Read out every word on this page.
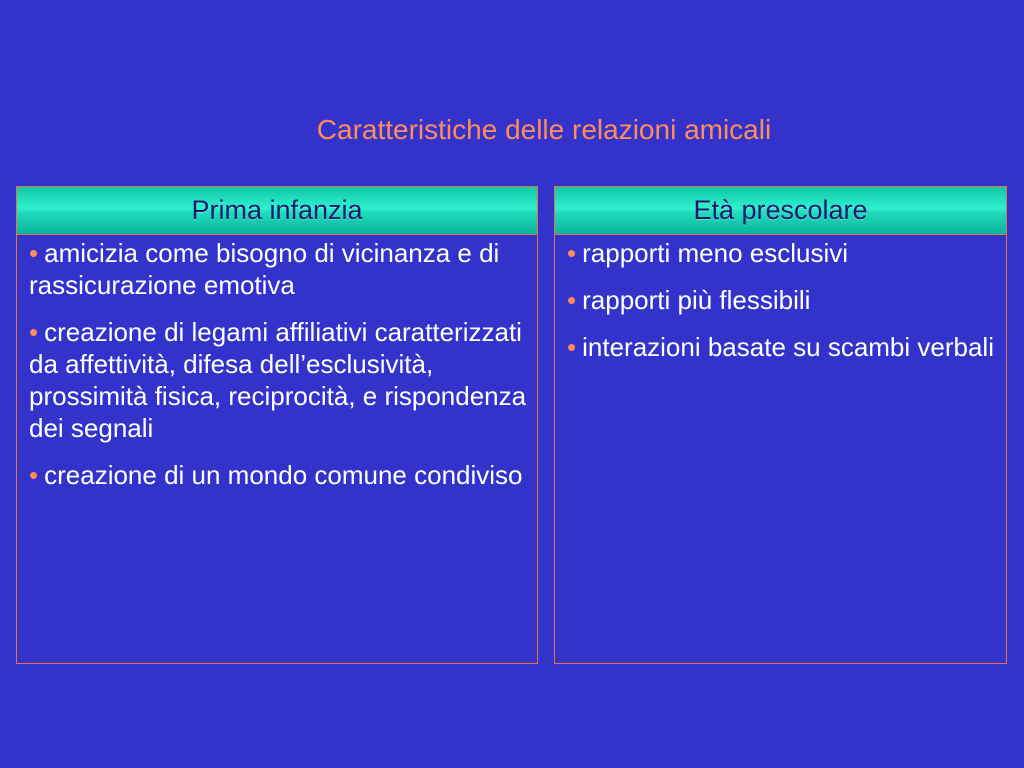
Caratteristiche delle relazioni amicali
Prima infanzia
• amicizia come bisogno di vicinanza e di rassicurazione emotiva
• creazione di legami affiliativi caratterizzati da affettività, difesa dell’esclusività, prossimità fisica, reciprocità, e rispondenza dei segnali
• creazione di un mondo comune condiviso
Età prescolare
• rapporti meno esclusivi
• rapporti più flessibili
• interazioni basate su scambi verbali
